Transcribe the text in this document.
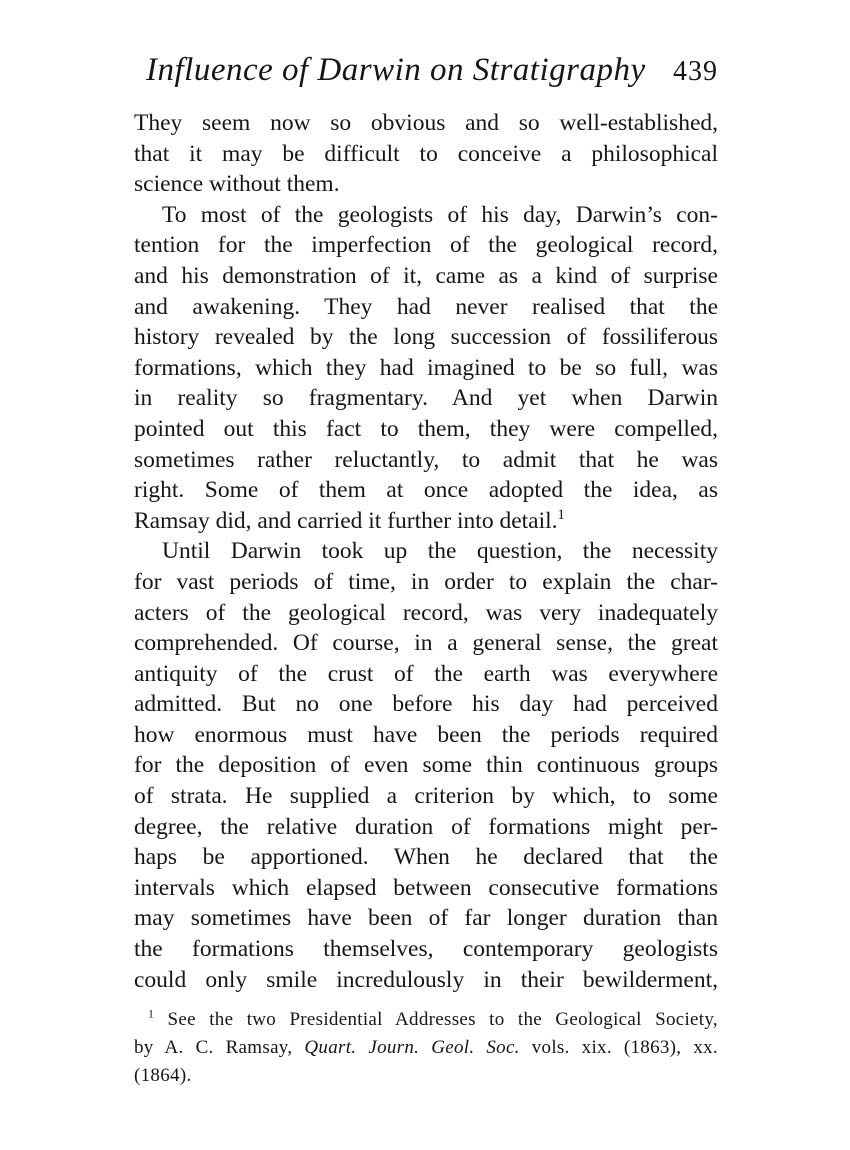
Influence of Darwin on Stratigraphy 439
They seem now so obvious and so well-established,
that it may be difficult to conceive a philosophical
science without them.
To most of the geologists of his day, Darwin’s con-
tention for the imperfection of the geological record,
and his demonstration of it, came as a kind of surprise
and awakening. They had never realised that the
history revealed by the long succession of fossiliferous
formations, which they had imagined to be so full, was
in reality so fragmentary. And yet when Darwin
pointed out this fact to them, they were compelled,
sometimes rather reluctantly, to admit that he was
right. Some of them at once adopted the idea, as
Ramsay did, and carried it further into detail.$^1$
Until Darwin took up the question, the necessity
for vast periods of time, in order to explain the char-
acters of the geological record, was very inadequately
comprehended. Of course, in a general sense, the great
antiquity of the crust of the earth was everywhere
admitted. But no one before his day had perceived
how enormous must have been the periods required
for the deposition of even some thin continuous groups
of strata. He supplied a criterion by which, to some
degree, the relative duration of formations might per-
haps be apportioned. When he declared that the
intervals which elapsed between consecutive formations
may sometimes have been of far longer duration than
the formations themselves, contemporary geologists
could only smile incredulously in their bewilderment,
$^1$ See the two Presidential Addresses to the Geological Society,
by A. C. Ramsay, Quart. Journ. Geol. Soc. vols. xix. (1863), xx.
(1864).
